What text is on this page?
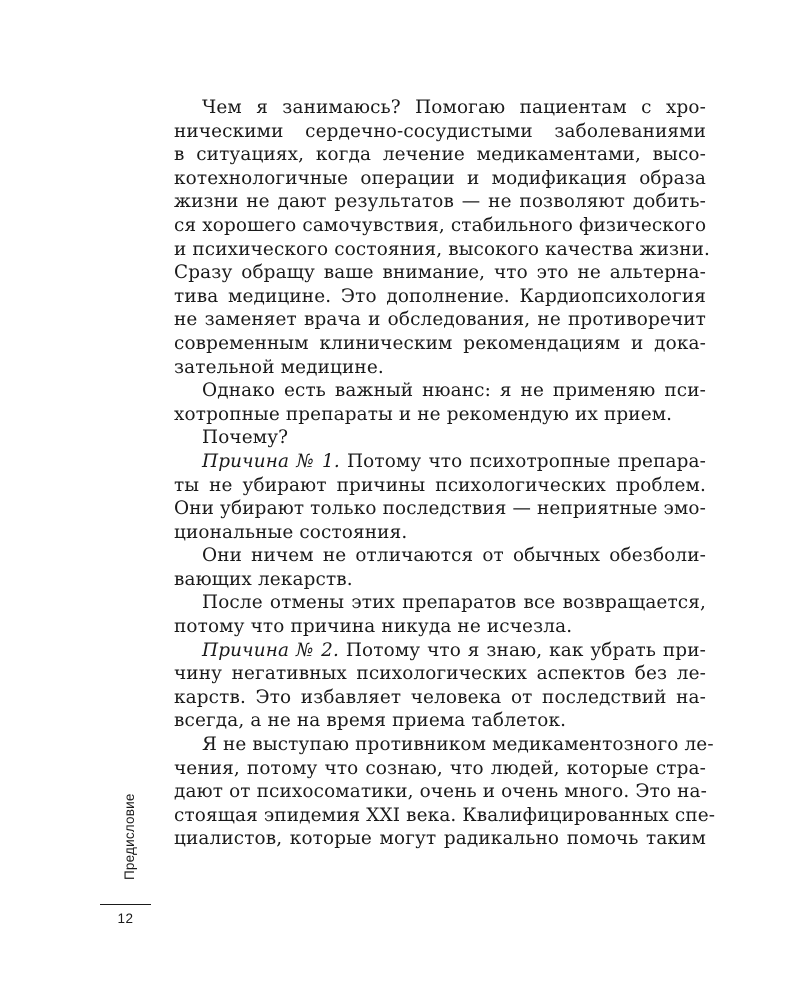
Чем я занимаюсь? Помогаю пациентам с хро-
ническими сердечно-сосудистыми заболеваниями
в ситуациях, когда лечение медикаментами, высо-
котехнологичные операции и модификация образа
жизни не дают результатов — не позволяют добить-
ся хорошего самочувствия, стабильного физического
и психического состояния, высокого качества жизни.
Сразу обращу ваше внимание, что это не альтерна-
тива медицине. Это дополнение. Кардиопсихология
не заменяет врача и обследования, не противоречит
современным клиническим рекомендациям и дока-
зательной медицине.
Однако есть важный нюанс: я не применяю пси-
хотропные препараты и не рекомендую их прием.
Почему?
Причина № 1. Потому что психотропные препара-
ты не убирают причины психологических проблем.
Они убирают только последствия — неприятные эмо-
циональные состояния.
Они ничем не отличаются от обычных обезболи-
вающих лекарств.
После отмены этих препаратов все возвращается,
потому что причина никуда не исчезла.
Причина № 2. Потому что я знаю, как убрать при-
чину негативных психологических аспектов без ле-
карств. Это избавляет человека от последствий на-
всегда, а не на время приема таблеток.
Я не выступаю противником медикаментозного ле-
чения, потому что сознаю, что людей, которые стра-
дают от психосоматики, очень и очень много. Это на-
стоящая эпидемия XXI века. Квалифицированных спе-
циалистов, которые могут радикально помочь таким
Предисловие
12
